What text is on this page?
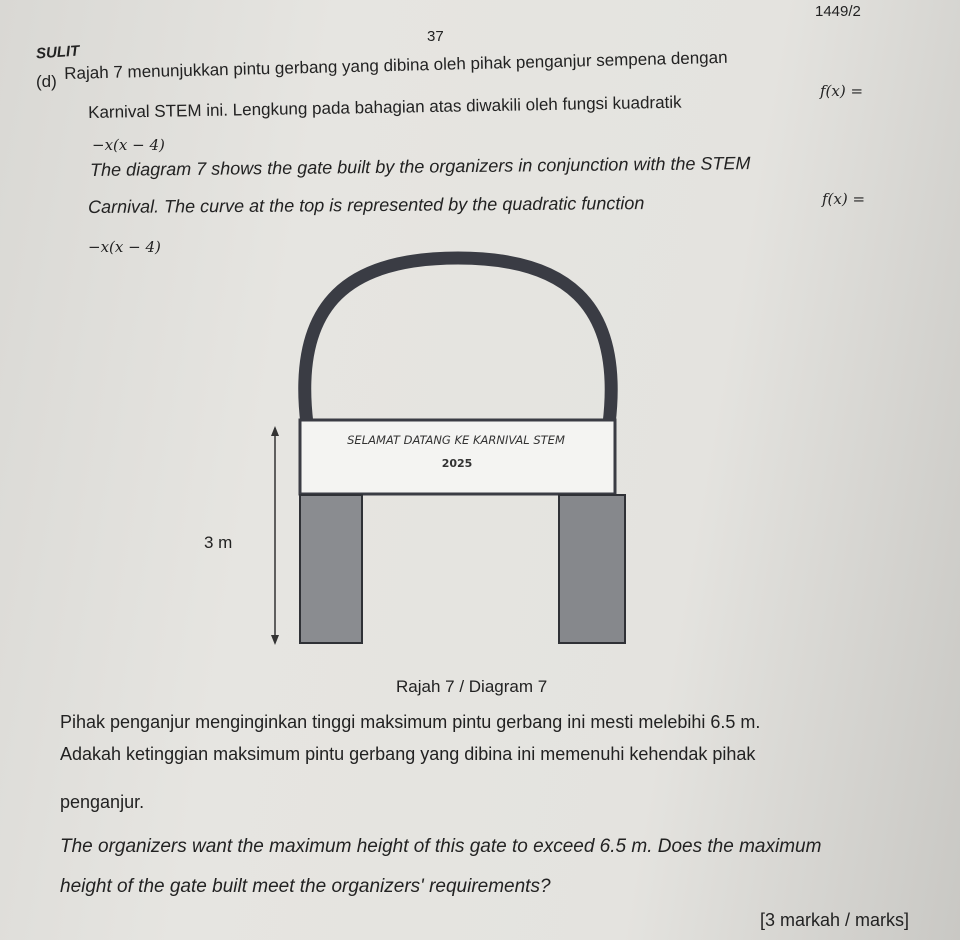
1449/2
37
SULIT
(d) Rajah 7 menunjukkan pintu gerbang yang dibina oleh pihak penganjur sempena dengan
Karnival STEM ini. Lengkung pada bahagian atas diwakili oleh fungsi kuadratik
f(x) =
−x(x − 4)
The diagram 7 shows the gate built by the organizers in conjunction with the STEM
Carnival. The curve at the top is represented by the quadratic function	f(x) =
−x(x − 4)
SELAMAT DATANG KE KARNIVAL STEM
2025
3 m
Rajah 7 / Diagram 7
Pihak penganjur menginginkan tinggi maksimum pintu gerbang ini mesti melebihi 6.5 m.
Adakah ketinggian maksimum pintu gerbang yang dibina ini memenuhi kehendak pihak
penganjur.
The organizers want the maximum height of this gate to exceed 6.5 m. Does the maximum
height of the gate built meet the organizers' requirements?
[3 markah / marks]
